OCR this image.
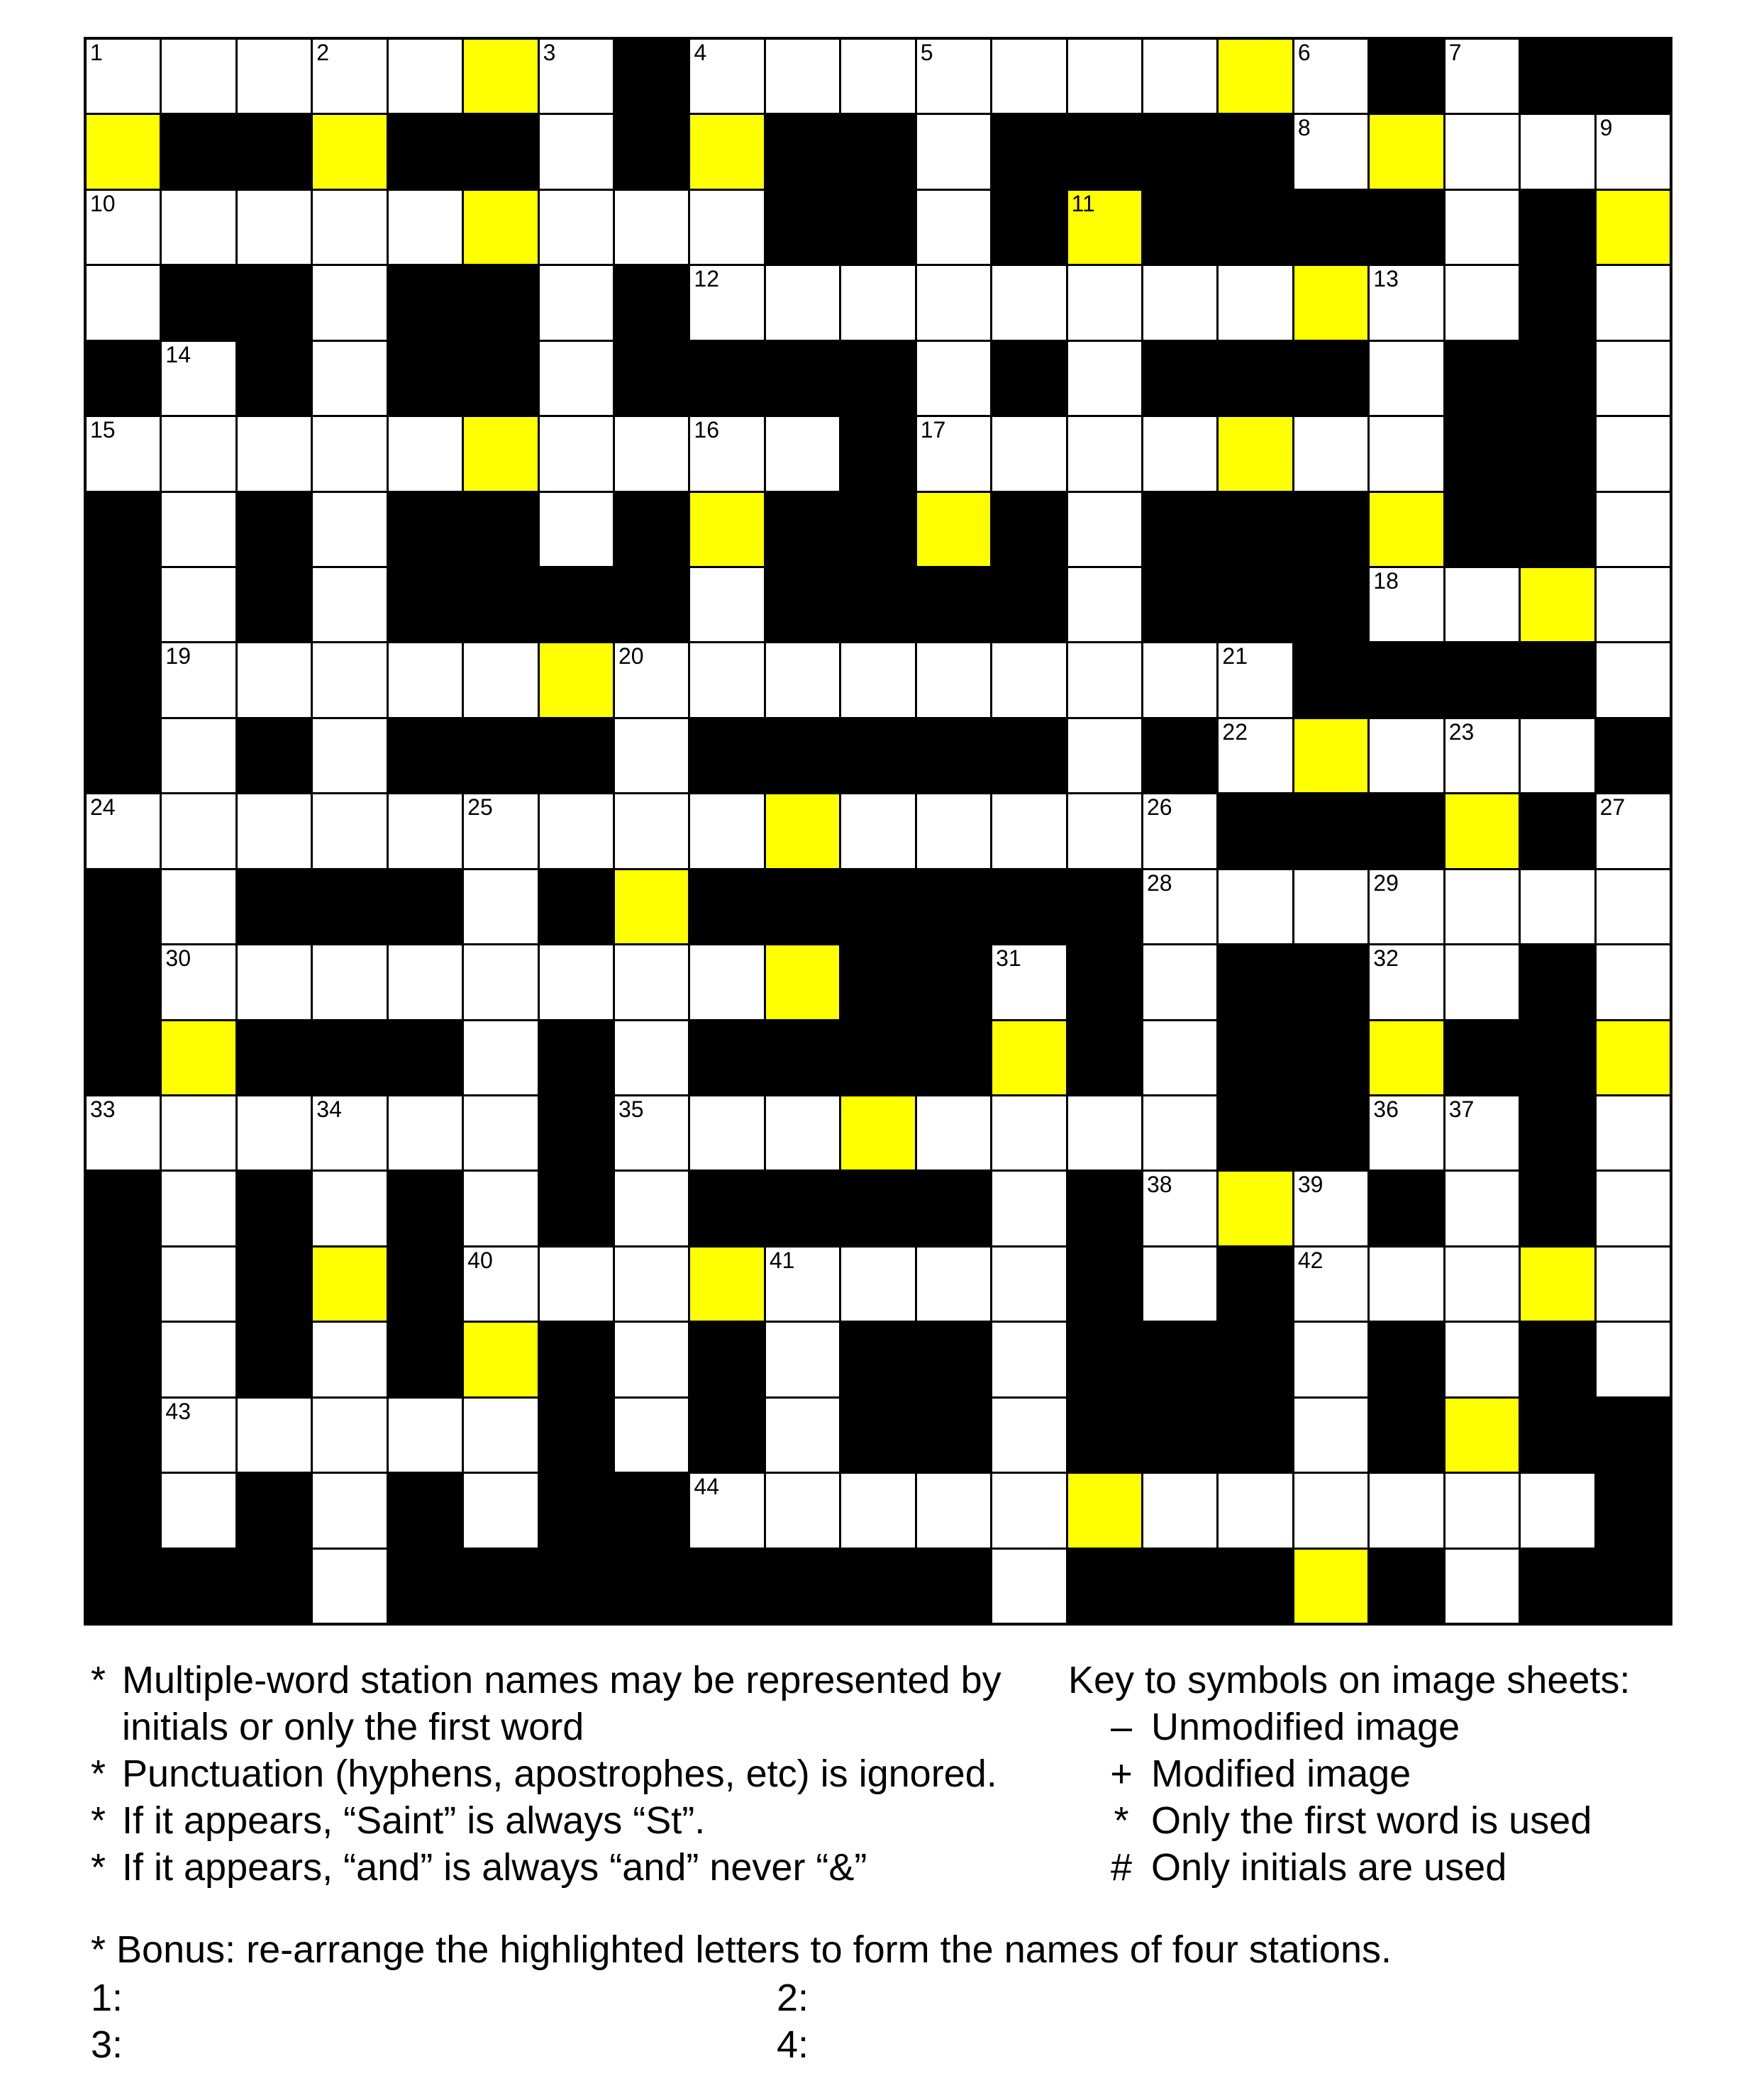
1	2	3	4	5	6	7
8	9
10	11
12	13
14
15	16	17
18
19	20	21
22	23
24	25	26	27
28	29
30	31	32
33	34	35	36 37
38	39
40	41	42
43
44
* Multiple-word station names may be represented by
initials or only the first word
* Punctuation (hyphens, apostrophes, etc) is ignored.
* If it appears, “Saint” is always “St”.
* If it appears, “and” is always “and” never “&”
Key to symbols on image sheets:
– Unmodified image
+ Modified image
* Only the first word is used
# Only initials are used
* Bonus: re-arrange the highlighted letters to form the names of four stations.
1:	2:
3:	4:
